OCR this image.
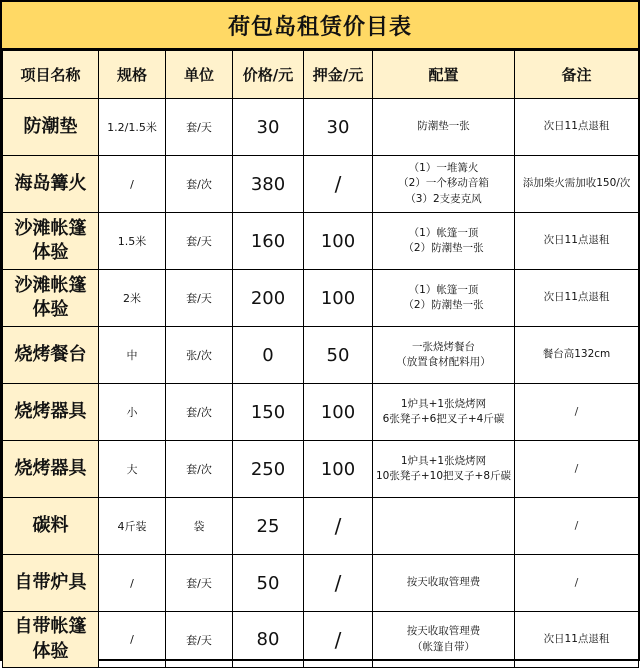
荷包岛租赁价目表
项目名称	规格	单位	价格/元	押金/元	配置	备注

防潮垫	1.2/1.5米	套/天	30	30	防潮垫一张	次日11点退租

海岛篝火	/	套/次	380	/	（1）一堆篝火
（2）一个移动音箱
（3）2支麦克风	添加柴火需加收150/次

沙滩帐篷
体验	1.5米	套/天	160	100	（1）帐篷一顶
（2）防潮垫一张	次日11点退租

沙滩帐篷
体验	2米	套/天	200	100	（1）帐篷一顶
（2）防潮垫一张	次日11点退租

烧烤餐台	中	张/次	0	50	一张烧烤餐台
（放置食材配料用）	餐台高132cm

烧烤器具	小	套/次	150	100	1炉具+1张烧烤网
6张凳子+6把叉子+4斤碳	/

烧烤器具	大	套/次	250	100	1炉具+1张烧烤网
10张凳子+10把叉子+8斤碳	/

碳料	4斤装	袋	25	/		/

自带炉具	/	套/天	50	/	按天收取管理费	/

自带帐篷
体验	/	套/天	80	/	按天收取管理费
（帐篷自带）	次日11点退租
